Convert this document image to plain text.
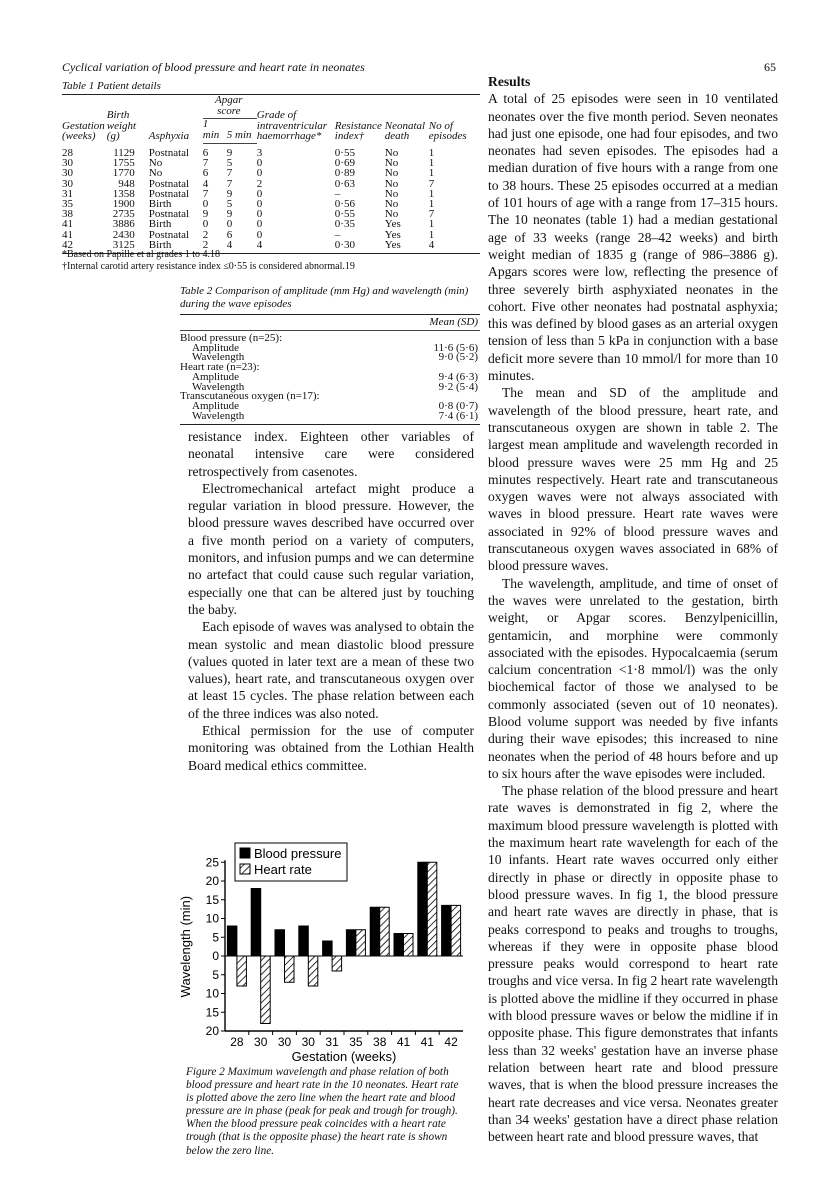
Cyclical variation of blood pressure and heart rate in neonates	65
Table 1 Patient details
Gestation (weeks)	Birth weight (g)	Asphyxia	Apgar score		Grade of intraventricular haemorrhage*	Resistance index†	Neonatal death	No of episodes
			1 min	5 min				
28	1129	Postnatal	6	9	3	0·55	No	1
30	1755	No	7	5	0	0·69	No	1
30	1770	No	6	7	0	0·89	No	1
30	948	Postnatal	4	7	2	0·63	No	7
31	1358	Postnatal	7	9	0	–	No	1
35	1900	Birth	0	5	0	0·56	No	1
38	2735	Postnatal	9	9	0	0·55	No	7
41	3886	Birth	0	0	0	0·35	Yes	1
41	2430	Postnatal	2	6	0	–	Yes	1
42	3125	Birth	2	4	4	0·30	Yes	4
*Based on Papille et al grades 1 to 4.18
†Internal carotid artery resistance index ≤0·55 is considered abnormal.19
Table 2 Comparison of amplitude (mm Hg) and wavelength (min) during the wave episodes
Mean (SD)	
Blood pressure (n=25):	
Amplitude	11·6 (5·6)
Wavelength	9·0 (5·2)
Heart rate (n=23):	
Amplitude	9·4 (6·3)
Wavelength	9·2 (5·4)
Transcutaneous oxygen (n=17):	
Amplitude	0·8 (0·7)
Wavelength	7·4 (6·1)

resistance index. Eighteen other variables of neonatal intensive care were considered retrospectively from casenotes.

Electromechanical artefact might produce a regular variation in blood pressure. However, the blood pressure waves described have occurred over a five month period on a variety of computers, monitors, and infusion pumps and we can determine no artefact that could cause such regular variation, especially one that can be altered just by touching the baby.

Each episode of waves was analysed to obtain the mean systolic and mean diastolic blood pressure (values quoted in later text are a mean of these two values), heart rate, and transcutaneous oxygen over at least 15 cycles. The phase relation between each of the three indices was also noted.

Ethical permission for the use of computer monitoring was obtained from the Lothian Health Board medical ethics committee.

Results

A total of 25 episodes were seen in 10 ventilated neonates over the five month period. Seven neonates had just one episode, one had four episodes, and two neonates had seven episodes. The episodes had a median duration of five hours with a range from one to 38 hours. These 25 episodes occurred at a median of 101 hours of age with a range from 17–315 hours. The 10 neonates (table 1) had a median gestational age of 33 weeks (range 28–42 weeks) and birth weight median of 1835 g (range of 986–3886 g). Apgars scores were low, reflecting the presence of three severely birth asphyxiated neonates in the cohort. Five other neonates had postnatal asphyxia; this was defined by blood gases as an arterial oxygen tension of less than 5 kPa in conjunction with a base deficit more severe than 10 mmol/l for more than 10 minutes.

The mean and SD of the amplitude and wavelength of the blood pressure, heart rate, and transcutaneous oxygen are shown in table 2. The largest mean amplitude and wavelength recorded in blood pressure waves were 25 mm Hg and 25 minutes respectively. Heart rate and transcutaneous oxygen waves were not always associated with waves in blood pressure. Heart rate waves were associated in 92% of blood pressure waves and transcutaneous oxygen waves associated in 68% of blood pressure waves.

The wavelength, amplitude, and time of onset of the waves were unrelated to the gestation, birth weight, or Apgar scores. Benzylpenicillin, gentamicin, and morphine were commonly associated with the episodes. Hypocalcaemia (serum calcium concentration <1·8 mmol/l) was the only biochemical factor of those we analysed to be commonly associated (seven out of 10 neonates). Blood volume support was needed by five infants during their wave episodes; this increased to nine neonates when the period of 48 hours before and up to six hours after the wave episodes were included.

The phase relation of the blood pressure and heart rate waves is demonstrated in fig 2, where the maximum blood pressure wavelength is plotted with the maximum heart rate wavelength for each of the 10 infants. Heart rate waves occurred only either directly in phase or directly in opposite phase to blood pressure waves. In fig 1, the blood pressure and heart rate waves are directly in phase, that is peaks correspond to peaks and troughs to troughs, whereas if they were in opposite phase blood pressure peaks would correspond to heart rate troughs and vice versa. In fig 2 heart rate wavelength is plotted above the midline if they occurred in phase with blood pressure waves or below the midline if in opposite phase. This figure demonstrates that infants less than 32 weeks' gestation have an inverse phase relation between heart rate and blood pressure waves, that is when the blood pressure increases the heart rate decreases and vice versa. Neonates greater than 34 weeks' gestation have a direct phase relation between heart rate and blood pressure waves, that

25
20
15
10
5
0
5
10
15
20
28 30 30 30 31 35 38 41 41 42
Gestation (weeks)
Wavelength (min)
Blood pressure
Heart rate
Figure 2 Maximum wavelength and phase relation of both blood pressure and heart rate in the 10 neonates. Heart rate is plotted above the zero line when the heart rate and blood pressure are in phase (peak for peak and trough for trough). When the blood pressure peak coincides with a heart rate trough (that is the opposite phase) the heart rate is shown below the zero line.
